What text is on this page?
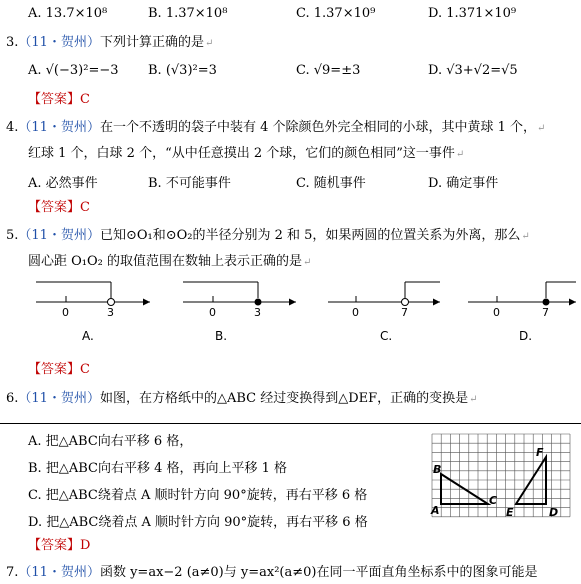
A. 13.7×10⁸	B. 1.37×10⁸	C. 1.37×10⁹	D. 1.371×10⁹
3.（11・贺州）下列计算正确的是↵
A. √(−3)²=−3 B. (√3)²=3	C. √9=±3	D. √3+√2=√5
【答案】C
4.（11・贺州）在一个不透明的袋子中装有 4 个除颜色外完全相同的小球，其中黄球 1 个，↵
红球 1 个，白球 2 个，“从中任意摸出 2 个球，它们的颜色相同”这一事件↵
A. 必然事件	B. 不可能事件	C. 随机事件	D. 确定事件
【答案】C
5.（11・贺州）已知⊙O₁和⊙O₂的半径分别为 2 和 5，如果两圆的位置关系为外离，那么↵
圆心距 O₁O₂ 的取值范围在数轴上表示正确的是↵
0	3
A.
0	3
B.
0	7
C.
0	7
D.
【答案】C
6.（11・贺州）如图，在方格纸中的△ABC 经过变换得到△DEF，正确的变换是↵
A. 把△ABC向右平移 6 格，
B. 把△ABC向右平移 4 格，再向上平移 1 格
C. 把△ABC绕着点 A 顺时针方向 90°旋转，再右平移 6 格
D. 把△ABC绕着点 A 顺时针方向 90°旋转，再右平移 6 格
B
A
C
E	D
F
【答案】D
7.（11・贺州）函数 y=ax−2 (a≠0)与 y=ax²(a≠0)在同一平面直角坐标系中的图象可能是
